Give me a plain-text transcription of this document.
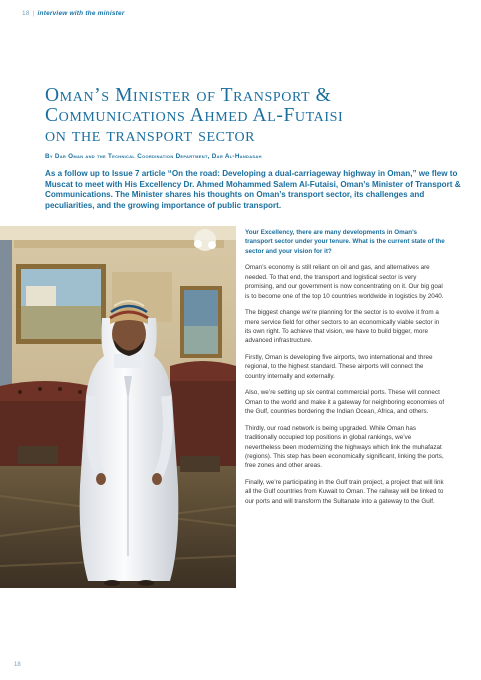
18 | interview with the minister
Oman’s Minister of Transport &
Communications Ahmed Al-Futaisi
on the transport sector
By Dar Oman and the Technical Coordination Department, Dar Al-Handasah

As a follow up to Issue 7 article “On the road: Developing a dual-carriageway highway in Oman,” we flew to Muscat to meet with His Excellency Dr. Ahmed Mohammed Salem Al-Futaisi, Oman’s Minister of Transport & Communications. The Minister shares his thoughts on Oman’s transport sector, its challenges and peculiarities, and the growing importance of public transport.

Your Excellency, there are many developments in Oman’s transport sector under your tenure. What is the current state of the sector and your vision for it?

Oman’s economy is still reliant on oil and gas, and alternatives are needed. To that end, the transport and logistical sector is very promising, and our government is now concentrating on it. Our big goal is to become one of the top 10 countries worldwide in logistics by 2040.

The biggest change we’re planning for the sector is to evolve it from a mere service field for other sectors to an economically viable sector in its own right. To achieve that vision, we have to build bigger, more advanced infrastructure.

Firstly, Oman is developing five airports, two international and three regional, to the highest standard. These airports will connect the country internally and externally.

Also, we’re setting up six central commercial ports. These will connect Oman to the world and make it a gateway for neighboring economies of the Gulf, countries bordering the Indian Ocean, Africa, and others.

Thirdly, our road network is being upgraded. While Oman has traditionally occupied top positions in global rankings, we’ve nevertheless been modernizing the highways which link the muhafazat (regions). This step has been economically significant, linking the ports, free zones and other areas.

Finally, we’re participating in the Gulf train project, a project that will link all the Gulf countries from Kuwait to Oman. The railway will be linked to our ports and will transform the Sultanate into a gateway to the Gulf.

18
